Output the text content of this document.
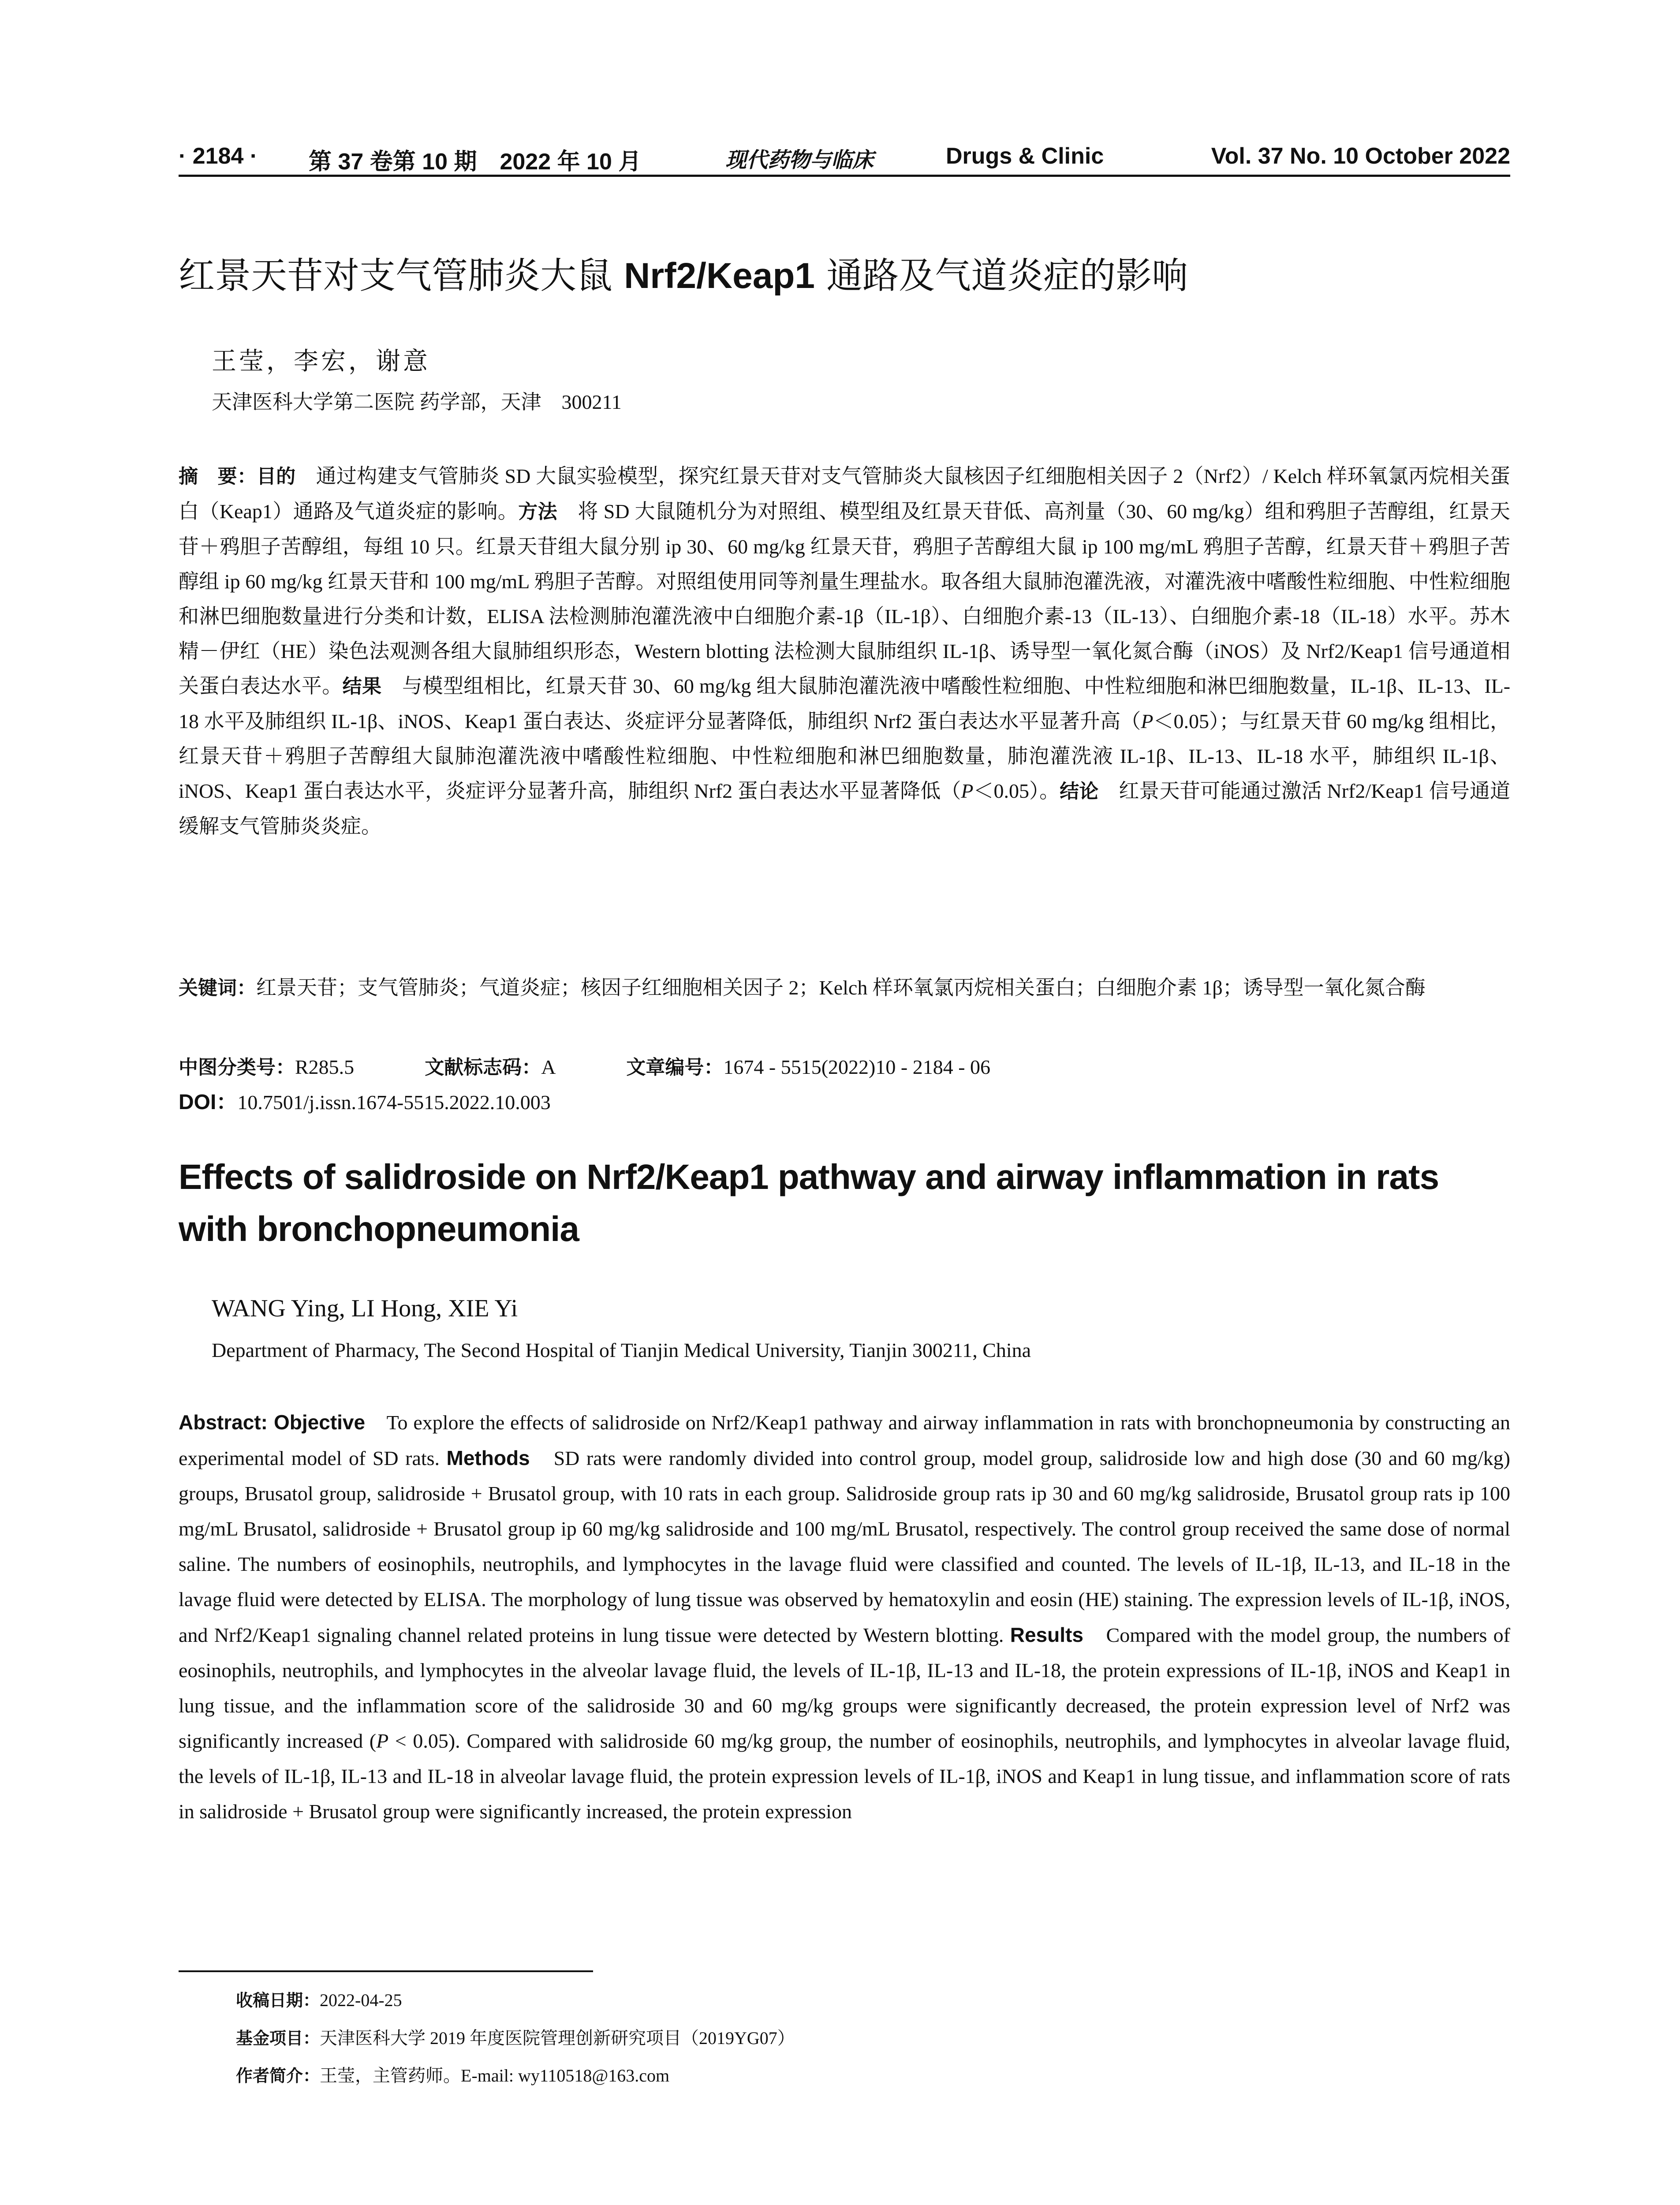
· 2184 · 第 37 卷第 10 期　2022 年 10 月	现代药物与临床	Drugs & Clinic	Vol. 37 No. 10 October 2022
红景天苷对支气管肺炎大鼠 Nrf2/Keap1 通路及气道炎症的影响
王莹，李宏，谢意
天津医科大学第二医院 药学部，天津　300211
摘　要：目的　通过构建支气管肺炎 SD 大鼠实验模型，探究红景天苷对支气管肺炎大鼠核因子红细胞相关因子 2（Nrf2）/ Kelch 样环氧氯丙烷相关蛋白（Keap1）通路及气道炎症的影响。方法　将 SD 大鼠随机分为对照组、模型组及红景天苷低、高剂量（30、60 mg/kg）组和鸦胆子苦醇组，红景天苷＋鸦胆子苦醇组，每组 10 只。红景天苷组大鼠分别 ip 30、60 mg/kg 红景天苷，鸦胆子苦醇组大鼠 ip 100 mg/mL 鸦胆子苦醇，红景天苷＋鸦胆子苦醇组 ip 60 mg/kg 红景天苷和 100 mg/mL 鸦胆子苦醇。对照组使用同等剂量生理盐水。取各组大鼠肺泡灌洗液，对灌洗液中嗜酸性粒细胞、中性粒细胞和淋巴细胞数量进行分类和计数，ELISA 法检测肺泡灌洗液中白细胞介素-1β（IL-1β）、白细胞介素-13（IL-13）、白细胞介素-18（IL-18）水平。苏木精－伊红（HE）染色法观测各组大鼠肺组织形态，Western blotting 法检测大鼠肺组织 IL-1β、诱导型一氧化氮合酶（iNOS）及 Nrf2/Keap1 信号通道相关蛋白表达水平。结果　与模型组相比，红景天苷 30、60 mg/kg 组大鼠肺泡灌洗液中嗜酸性粒细胞、中性粒细胞和淋巴细胞数量，IL-1β、IL-13、IL-18 水平及肺组织 IL-1β、iNOS、Keap1 蛋白表达、炎症评分显著降低，肺组织 Nrf2 蛋白表达水平显著升高（P＜0.05）；与红景天苷 60 mg/kg 组相比，红景天苷＋鸦胆子苦醇组大鼠肺泡灌洗液中嗜酸性粒细胞、中性粒细胞和淋巴细胞数量，肺泡灌洗液 IL-1β、IL-13、IL-18 水平，肺组织 IL-1β、iNOS、Keap1 蛋白表达水平，炎症评分显著升高，肺组织 Nrf2 蛋白表达水平显著降低（P＜0.05）。结论　红景天苷可能通过激活 Nrf2/Keap1 信号通道缓解支气管肺炎炎症。
关键词：红景天苷；支气管肺炎；气道炎症；核因子红细胞相关因子 2；Kelch 样环氧氯丙烷相关蛋白；白细胞介素 1β；诱导型一氧化氮合酶
中图分类号：R285.5	文献标志码：A	文章编号：1674 - 5515(2022)10 - 2184 - 06
DOI：10.7501/j.issn.1674-5515.2022.10.003
Effects of salidroside on Nrf2/Keap1 pathway and airway inflammation in rats with bronchopneumonia
WANG Ying, LI Hong, XIE Yi
Department of Pharmacy, The Second Hospital of Tianjin Medical University, Tianjin 300211, China
Abstract: Objective　To explore the effects of salidroside on Nrf2/Keap1 pathway and airway inflammation in rats with bronchopneumonia by constructing an experimental model of SD rats. Methods　SD rats were randomly divided into control group, model group, salidroside low and high dose (30 and 60 mg/kg) groups, Brusatol group, salidroside + Brusatol group, with 10 rats in each group. Salidroside group rats ip 30 and 60 mg/kg salidroside, Brusatol group rats ip 100 mg/mL Brusatol, salidroside + Brusatol group ip 60 mg/kg salidroside and 100 mg/mL Brusatol, respectively. The control group received the same dose of normal saline. The numbers of eosinophils, neutrophils, and lymphocytes in the lavage fluid were classified and counted. The levels of IL-1β, IL-13, and IL-18 in the lavage fluid were detected by ELISA. The morphology of lung tissue was observed by hematoxylin and eosin (HE) staining. The expression levels of IL-1β, iNOS, and Nrf2/Keap1 signaling channel related proteins in lung tissue were detected by Western blotting. Results　Compared with the model group, the numbers of eosinophils, neutrophils, and lymphocytes in the alveolar lavage fluid, the levels of IL-1β, IL-13 and IL-18, the protein expressions of IL-1β, iNOS and Keap1 in lung tissue, and the inflammation score of the salidroside 30 and 60 mg/kg groups were significantly decreased, the protein expression level of Nrf2 was significantly increased (P < 0.05). Compared with salidroside 60 mg/kg group, the number of eosinophils, neutrophils, and lymphocytes in alveolar lavage fluid, the levels of IL-1β, IL-13 and IL-18 in alveolar lavage fluid, the protein expression levels of IL-1β, iNOS and Keap1 in lung tissue, and inflammation score of rats in salidroside + Brusatol group were significantly increased, the protein expression
收稿日期：2022-04-25
基金项目：天津医科大学 2019 年度医院管理创新研究项目（2019YG07）
作者简介：王莹，主管药师。E-mail: wy110518@163.com
